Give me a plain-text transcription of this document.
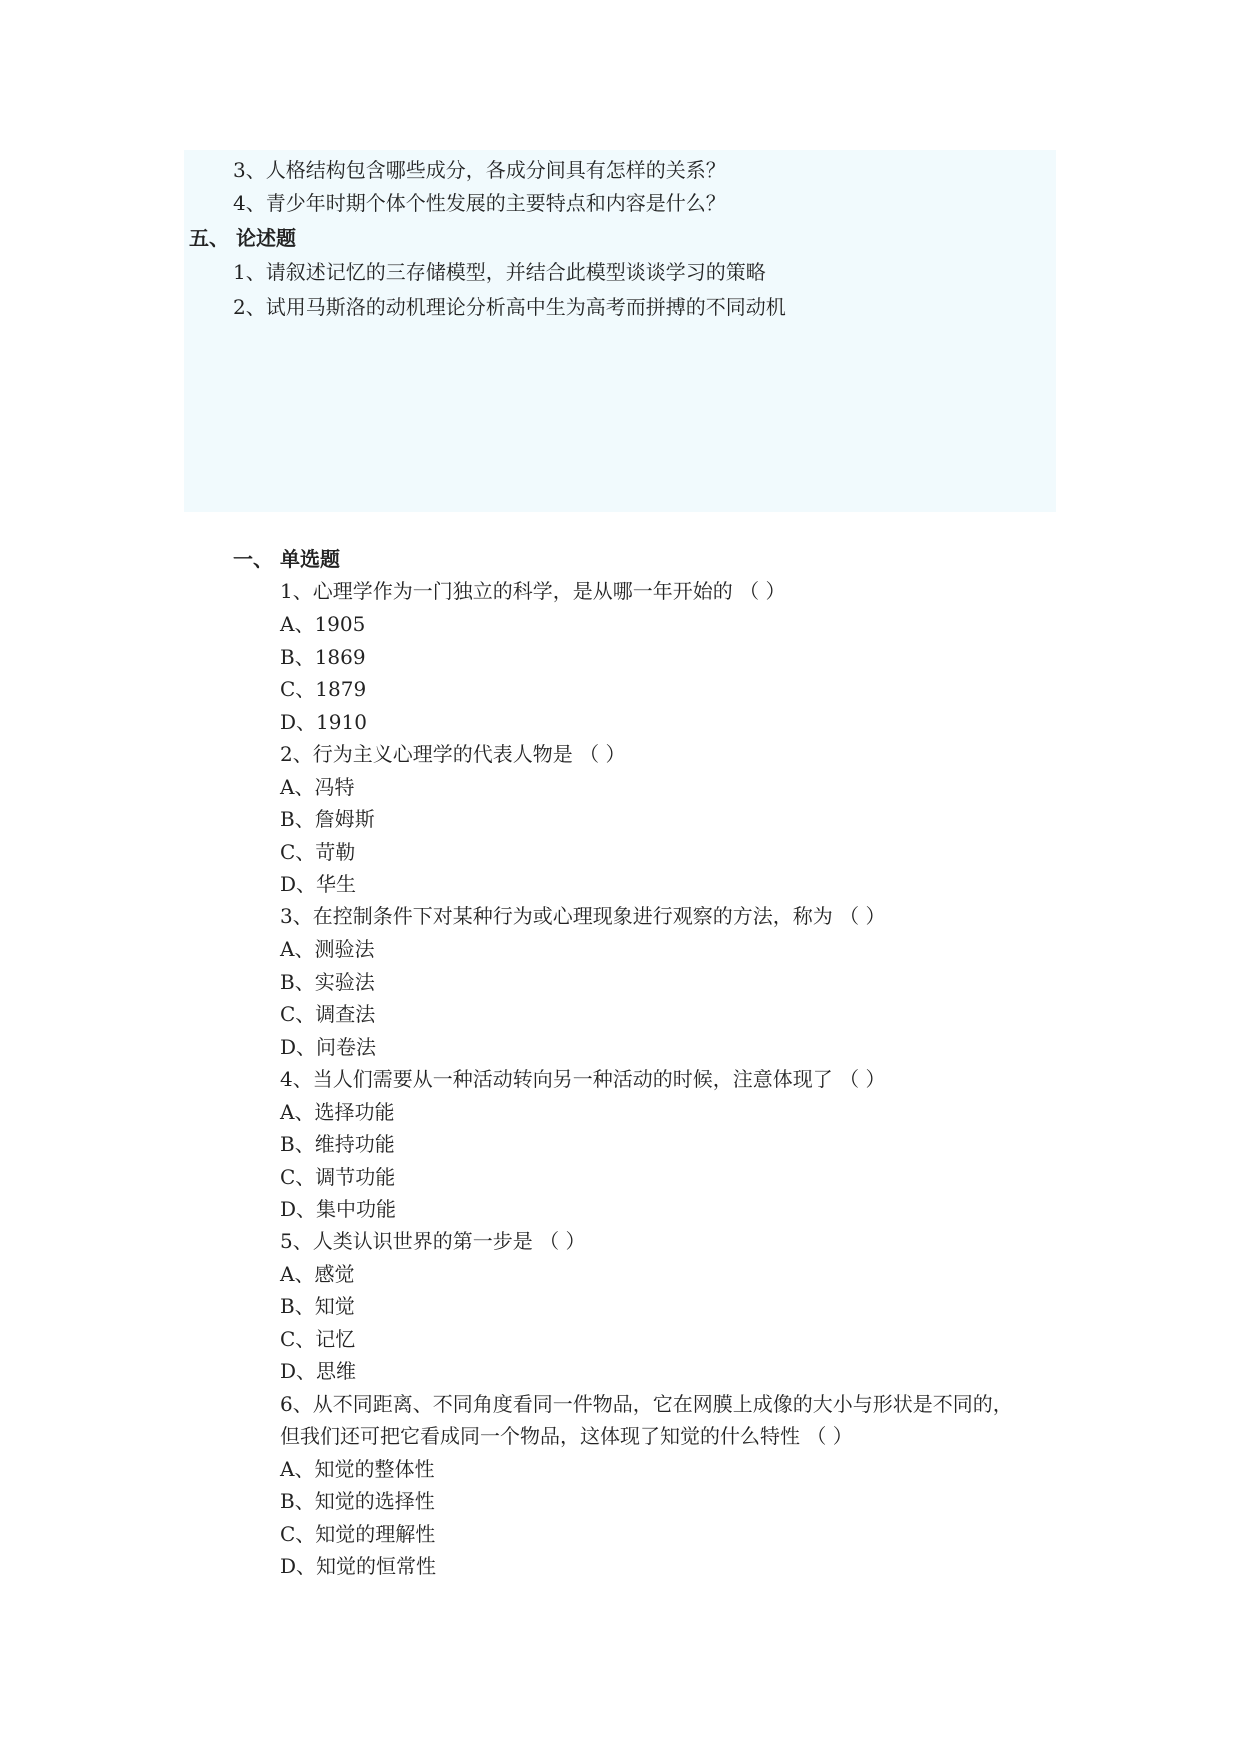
3、人格结构包含哪些成分，各成分间具有怎样的关系？
4、青少年时期个体个性发展的主要特点和内容是什么？
五、 论述题
1、请叙述记忆的三存储模型，并结合此模型谈谈学习的策略
2、试用马斯洛的动机理论分析高中生为高考而拼搏的不同动机
一、 单选题
1、心理学作为一门独立的科学，是从哪一年开始的 （ ）
A、1905
B、1869
C、1879
D、1910
2、行为主义心理学的代表人物是 （ ）
A、冯特
B、詹姆斯
C、苛勒
D、华生
3、在控制条件下对某种行为或心理现象进行观察的方法，称为 （ ）
A、测验法
B、实验法
C、调查法
D、问卷法
4、当人们需要从一种活动转向另一种活动的时候，注意体现了 （ ）
A、选择功能
B、维持功能
C、调节功能
D、集中功能
5、人类认识世界的第一步是 （ ）
A、感觉
B、知觉
C、记忆
D、思维
6、从不同距离、不同角度看同一件物品，它在网膜上成像的大小与形状是不同的，
但我们还可把它看成同一个物品，这体现了知觉的什么特性 （ ）
A、知觉的整体性
B、知觉的选择性
C、知觉的理解性
D、知觉的恒常性
